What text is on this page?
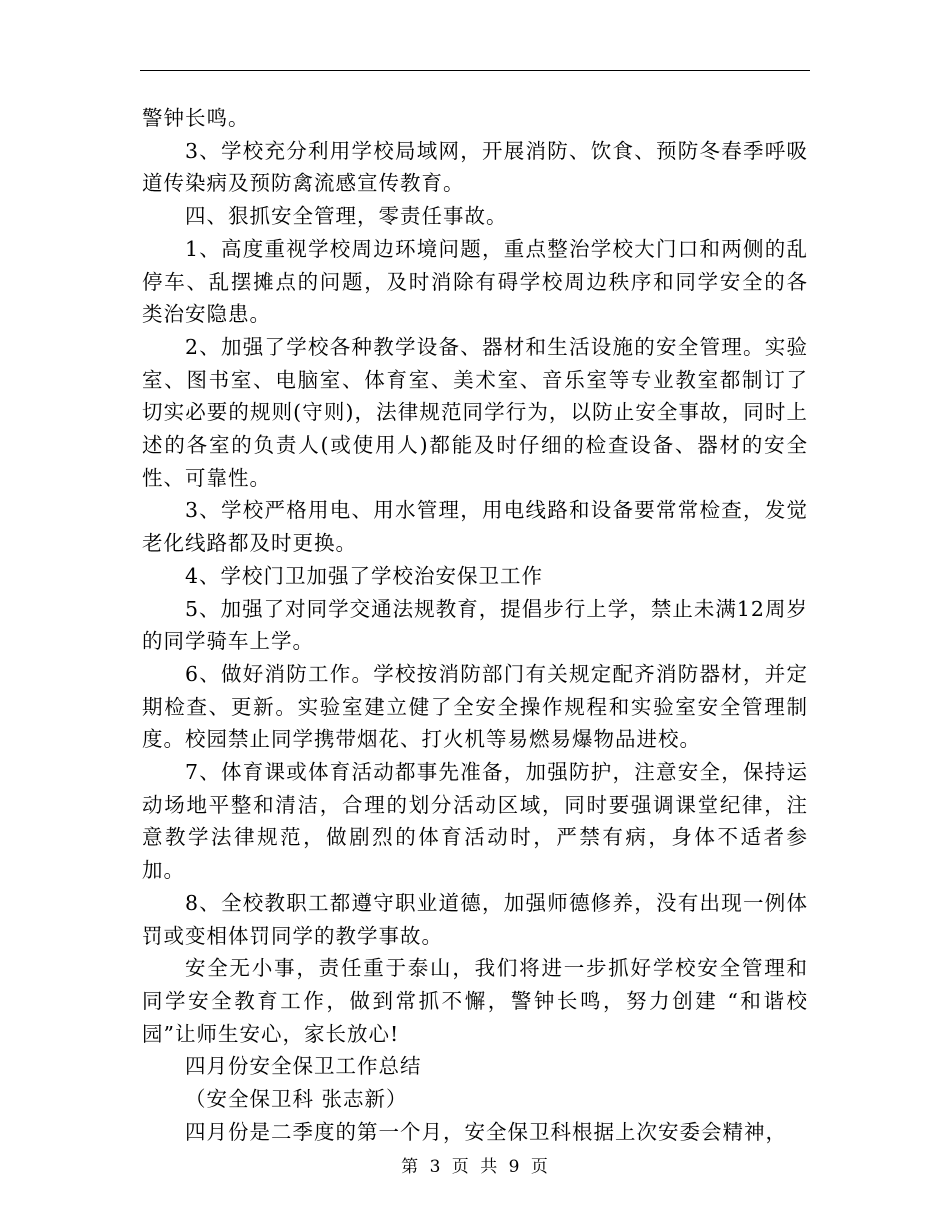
警钟长鸣。

3、学校充分利用学校局域网，开展消防、饮食、预防冬春季呼吸道传染病及预防禽流感宣传教育。

四、狠抓安全管理，零责任事故。

1、高度重视学校周边环境问题，重点整治学校大门口和两侧的乱停车、乱摆摊点的问题，及时消除有碍学校周边秩序和同学安全的各类治安隐患。

2、加强了学校各种教学设备、器材和生活设施的安全管理。实验室、图书室、电脑室、体育室、美术室、音乐室等专业教室都制订了切实必要的规则(守则)，法律规范同学行为，以防止安全事故，同时上述的各室的负责人(或使用人)都能及时仔细的检查设备、器材的安全性、可靠性。

3、学校严格用电、用水管理，用电线路和设备要常常检查，发觉老化线路都及时更换。

4、学校门卫加强了学校治安保卫工作

5、加强了对同学交通法规教育，提倡步行上学，禁止未满12周岁的同学骑车上学。

6、做好消防工作。学校按消防部门有关规定配齐消防器材，并定期检查、更新。实验室建立健了全安全操作规程和实验室安全管理制度。校园禁止同学携带烟花、打火机等易燃易爆物品进校。

7、体育课或体育活动都事先准备，加强防护，注意安全，保持运动场地平整和清洁，合理的划分活动区域，同时要强调课堂纪律，注意教学法律规范，做剧烈的体育活动时，严禁有病，身体不适者参加。

8、全校教职工都遵守职业道德，加强师德修养，没有出现一例体罚或变相体罚同学的教学事故。

安全无小事，责任重于泰山，我们将进一步抓好学校安全管理和同学安全教育工作，做到常抓不懈，警钟长鸣，努力创建 “和谐校园”让师生安心，家长放心!

四月份安全保卫工作总结

（安全保卫科 张志新）

四月份是二季度的第一个月，安全保卫科根据上次安委会精神，

第 3 页 共 9 页
